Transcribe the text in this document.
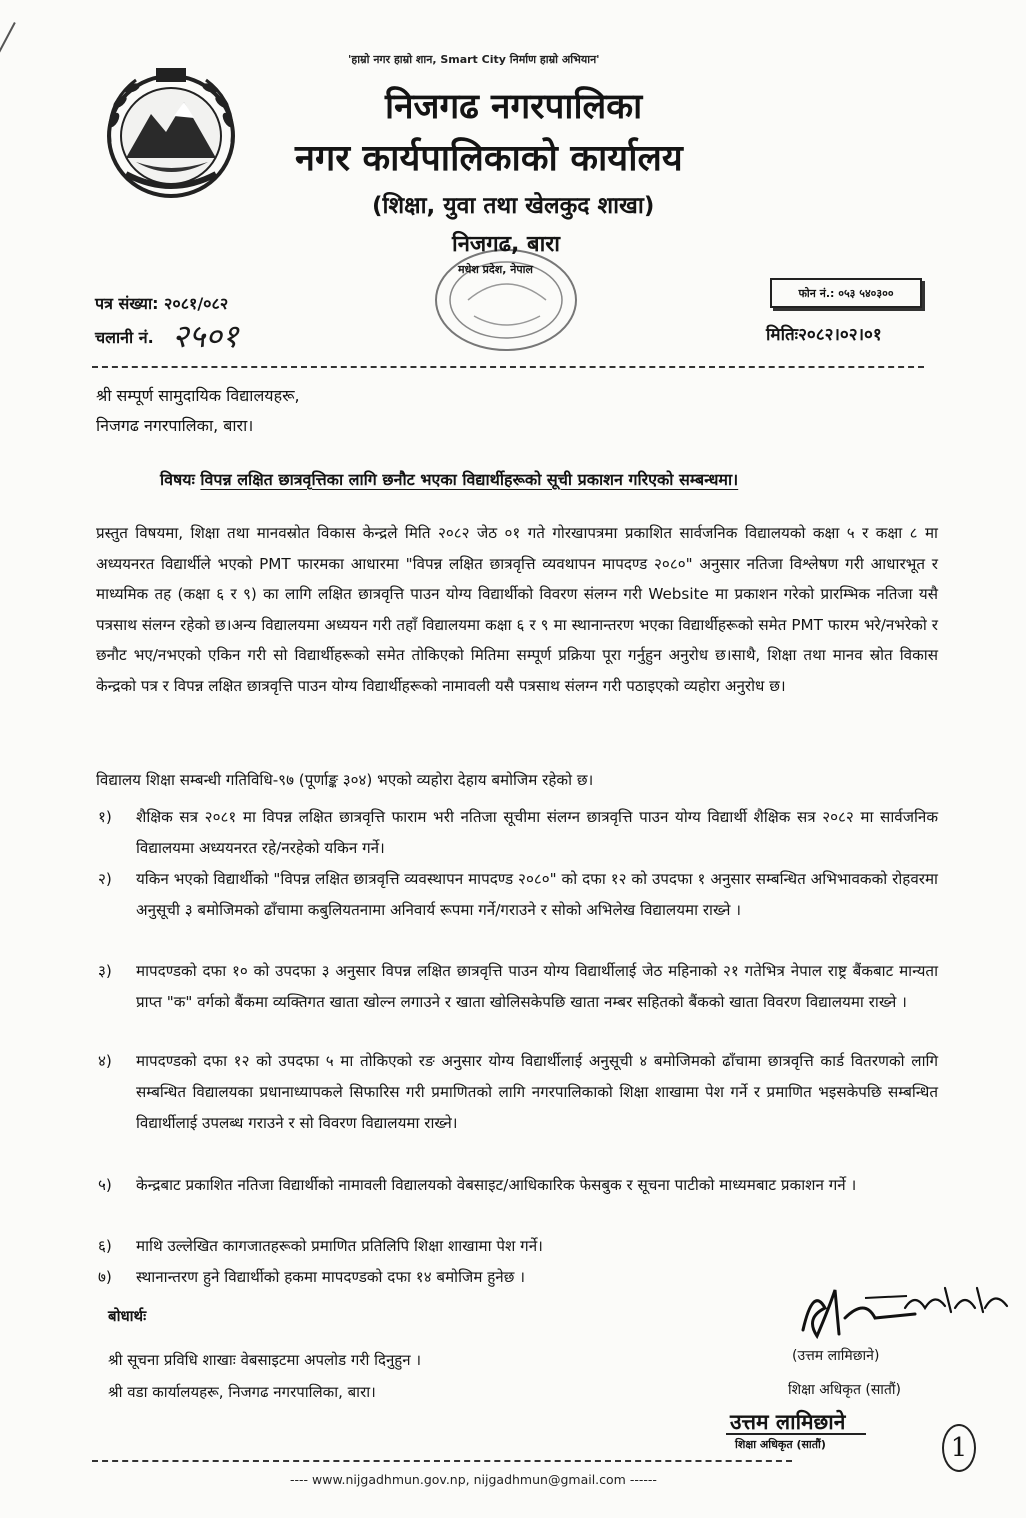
'हाम्रो नगर हाम्रो शान, Smart City निर्माण हाम्रो अभियान'
निजगढ नगरपालिका
नगर कार्यपालिकाको कार्यालय
(शिक्षा, युवा तथा खेलकुद शाखा)
निजगढ, बारा
मधेश प्रदेश, नेपाल
फोन नं.: ०५३ ५४०३००
पत्र संख्या: २०८१/०८२
चलानी नं. २५०१	मितिः२०८२।०२।०१
श्री सम्पूर्ण सामुदायिक विद्यालयहरू,
निजगढ नगरपालिका, बारा।
विषयः विपन्न लक्षित छात्रवृत्तिका लागि छनौट भएका विद्यार्थीहरूको सूची प्रकाशन गरिएको सम्बन्धमा।
प्रस्तुत विषयमा, शिक्षा तथा मानवस्रोत विकास केन्द्रले मिति २०८२ जेठ ०१ गते गोरखापत्रमा प्रकाशित सार्वजनिक विद्यालयको कक्षा ५ र कक्षा ८ मा अध्ययनरत विद्यार्थीले भएको PMT फारमका आधारमा "विपन्न लक्षित छात्रवृत्ति व्यवथापन मापदण्ड २०८०" अनुसार नतिजा विश्लेषण गरी आधारभूत र माध्यमिक तह (कक्षा ६ र ९) का लागि लक्षित छात्रवृत्ति पाउन योग्य विद्यार्थीको विवरण संलग्न गरी Website मा प्रकाशन गरेको प्रारम्भिक नतिजा यसै पत्रसाथ संलग्न रहेको छ।अन्य विद्यालयमा अध्ययन गरी तहाँ विद्यालयमा कक्षा ६ र ९ मा स्थानान्तरण भएका विद्यार्थीहरूको समेत PMT फारम भरे/नभरेको र छनौट भए/नभएको एकिन गरी सो विद्यार्थीहरूको समेत तोकिएको मितिमा सम्पूर्ण प्रक्रिया पूरा गर्नुहुन अनुरोध छ।साथै, शिक्षा तथा मानव स्रोत विकास केन्द्रको पत्र र विपन्न लक्षित छात्रवृत्ति पाउन योग्य विद्यार्थीहरूको नामावली यसै पत्रसाथ संलग्न गरी पठाइएको व्यहोरा अनुरोध छ।
विद्यालय शिक्षा सम्बन्धी गतिविधि-९७ (पूर्णाङ्क ३०४) भएको व्यहोरा देहाय बमोजिम रहेको छ।
१)	शैक्षिक सत्र २०८१ मा विपन्न लक्षित छात्रवृत्ति फाराम भरी नतिजा सूचीमा संलग्न छात्रवृत्ति पाउन योग्य विद्यार्थी शैक्षिक सत्र २०८२ मा सार्वजनिक विद्यालयमा अध्ययनरत रहे/नरहेको यकिन गर्ने।
२)	यकिन भएको विद्यार्थीको "विपन्न लक्षित छात्रवृत्ति व्यवस्थापन मापदण्ड २०८०" को दफा १२ को उपदफा १ अनुसार सम्बन्धित अभिभावकको रोहवरमा अनुसूची ३ बमोजिमको ढाँचामा कबुलियतनामा अनिवार्य रूपमा गर्ने/गराउने र सोको अभिलेख विद्यालयमा राख्ने ।
३)	मापदण्डको दफा १० को उपदफा ३ अनुसार विपन्न लक्षित छात्रवृत्ति पाउन योग्य विद्यार्थीलाई जेठ महिनाको २१ गतेभित्र नेपाल राष्ट्र बैंकबाट मान्यता प्राप्त "क" वर्गको बैंकमा व्यक्तिगत खाता खोल्न लगाउने र खाता खोलिसकेपछि खाता नम्बर सहितको बैंकको खाता विवरण विद्यालयमा राख्ने ।
४)	मापदण्डको दफा १२ को उपदफा ५ मा तोकिएको रङ अनुसार योग्य विद्यार्थीलाई अनुसूची ४ बमोजिमको ढाँचामा छात्रवृत्ति कार्ड वितरणको लागि सम्बन्धित विद्यालयका प्रधानाध्यापकले सिफारिस गरी प्रमाणितको लागि नगरपालिकाको शिक्षा शाखामा पेश गर्ने र प्रमाणित भइसकेपछि सम्बन्धित विद्यार्थीलाई उपलब्ध गराउने र सो विवरण विद्यालयमा राख्ने।
५)	केन्द्रबाट प्रकाशित नतिजा विद्यार्थीको नामावली विद्यालयको वेबसाइट/आधिकारिक फेसबुक र सूचना पाटीको माध्यमबाट प्रकाशन गर्ने ।
६)	माथि उल्लेखित कागजातहरूको प्रमाणित प्रतिलिपि शिक्षा शाखामा पेश गर्ने।
७)	स्थानान्तरण हुने विद्यार्थीको हकमा मापदण्डको दफा १४ बमोजिम हुनेछ ।
(उत्तम लामिछाने)
शिक्षा अधिकृत (सातौं)
बोधार्थः
श्री सूचना प्रविधि शाखाः वेबसाइटमा अपलोड गरी दिनुहुन ।
श्री वडा कार्यालयहरू, निजगढ नगरपालिका, बारा।
उत्तम लामिछाने
शिक्षा अधिकृत (सातौं)	1
---- www.nijgadhmun.gov.np, nijgadhmun@gmail.com ------
